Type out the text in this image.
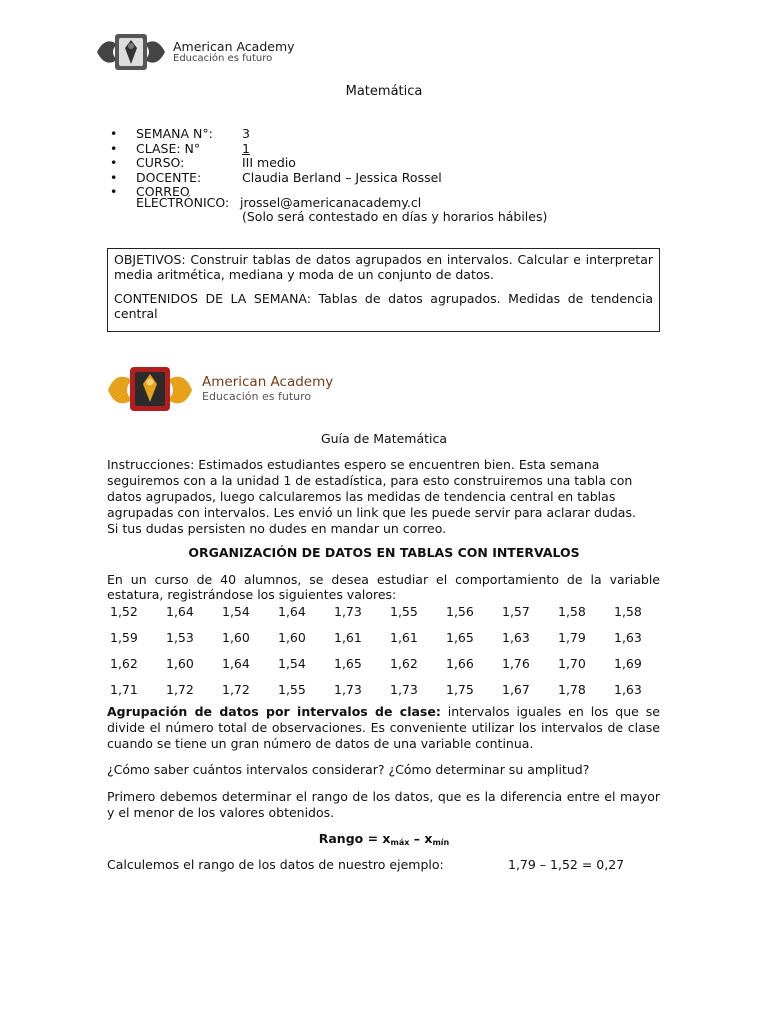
American Academy
Educación es futuro
Matemática
• SEMANA N°: 3
• CLASE: N°	1
• CURSO:	III medio
• DOCENTE:	Claudia Berland – Jessica Rossel
• CORREO
ELECTRÓNICO: jrossel@americanacademy.cl
(Solo será contestado en días y horarios hábiles)

OBJETIVOS: Construir tablas de datos agrupados en intervalos. Calcular e interpretar media aritmética, mediana y moda de un conjunto de datos.

CONTENIDOS DE LA SEMANA: Tablas de datos agrupados. Medidas de tendencia central

American Academy
Educación es futuro
Guía de Matemática
Instrucciones: Estimados estudiantes espero se encuentren bien. Esta semana seguiremos con a la unidad 1 de estadística, para esto construiremos una tabla con datos agrupados, luego calcularemos las medidas de tendencia central en tablas agrupadas con intervalos. Les envió un link que les puede servir para aclarar dudas. Si tus dudas persisten no dudes en mandar un correo.
ORGANIZACIÓN DE DATOS EN TABLAS CON INTERVALOS
En un curso de 40 alumnos, se desea estudiar el comportamiento de la variable estatura, registrándose los siguientes valores:
1,52	1,64	1,54	1,64	1,73	1,55	1,56	1,57	1,58	1,58
1,59	1,53	1,60	1,60	1,61	1,61	1,65	1,63	1,79	1,63
1,62	1,60	1,64	1,54	1,65	1,62	1,66	1,76	1,70	1,69
1,71	1,72	1,72	1,55	1,73	1,73	1,75	1,67	1,78	1,63
Agrupación de datos por intervalos de clase: intervalos iguales en los que se divide el número total de observaciones. Es conveniente utilizar los intervalos de clase cuando se tiene un gran número de datos de una variable continua.
¿Cómo saber cuántos intervalos considerar? ¿Cómo determinar su amplitud?
Primero debemos determinar el rango de los datos, que es la diferencia entre el mayor y el menor de los valores obtenidos.
Rango = $x_{máx} - x_{mín}$
Calculemos el rango de los datos de nuestro ejemplo:	1,79 – 1,52 = 0,27
